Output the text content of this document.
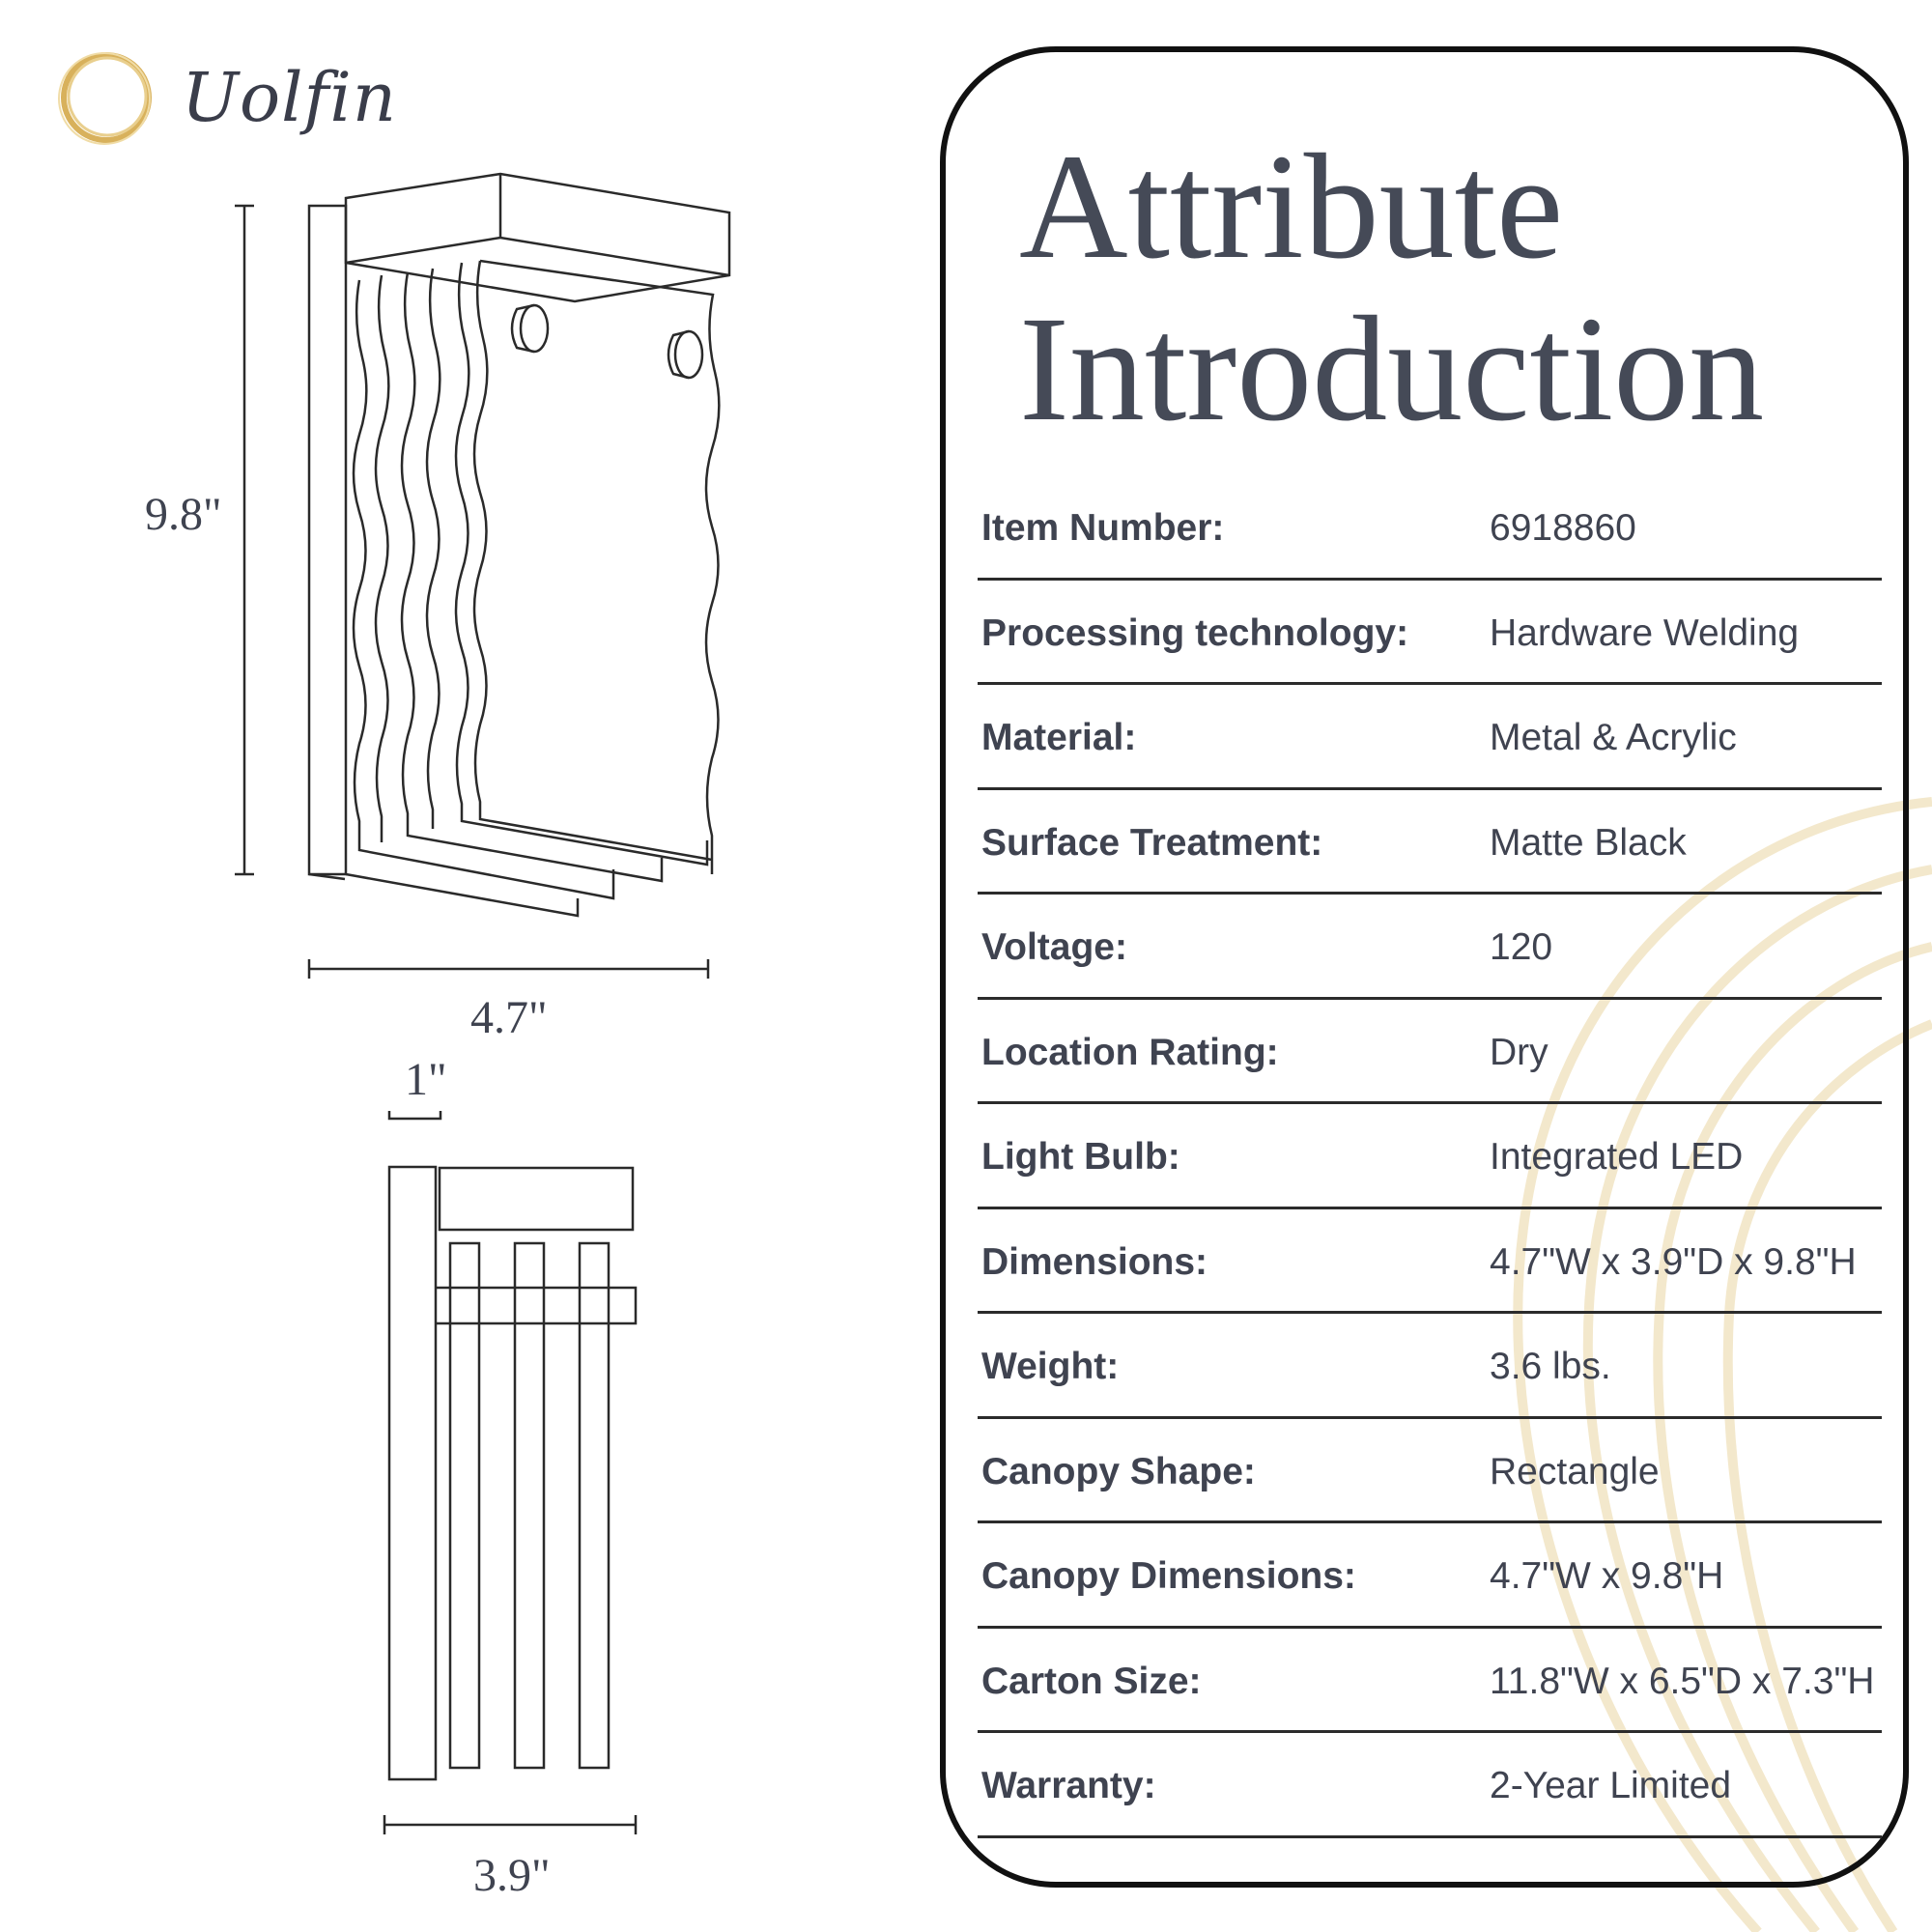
Uolfin
9.8"
4.7"
1"
3.9"
Attribute
Introduction
Item Number:	6918860
Processing technology: Hardware Welding
Material:	Metal & Acrylic
Surface Treatment:	Matte Black
Voltage:	120
Location Rating:	Dry
Light Bulb:	Integrated LED
Dimensions:	4.7"W x 3.9"D x 9.8"H
Weight:	3.6 lbs.
Canopy Shape:	Rectangle
Canopy Dimensions:	4.7"W x 9.8"H
Carton Size:	11.8"W x 6.5"D x 7.3"H
Warranty:	2-Year Limited
